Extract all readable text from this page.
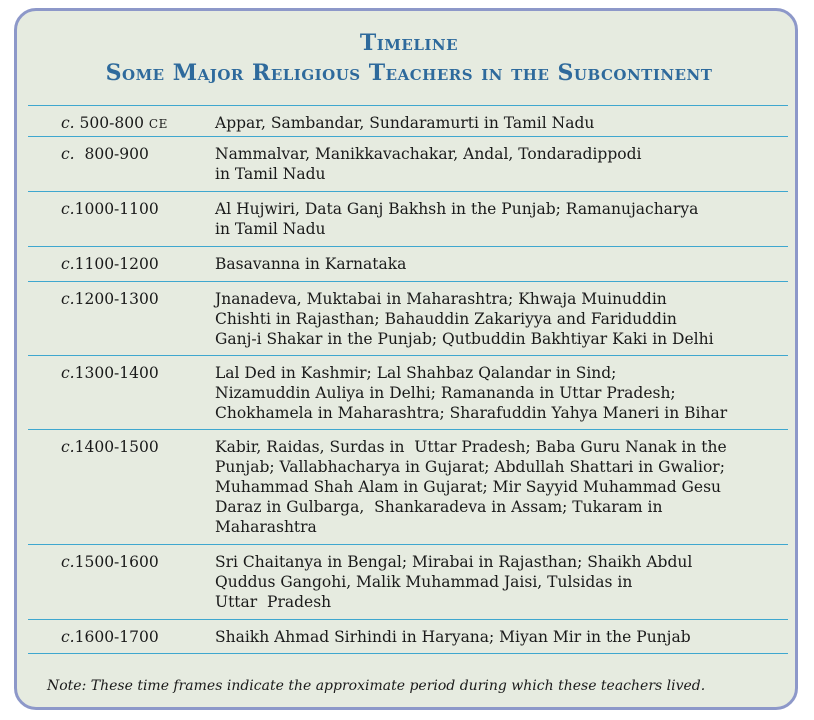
Timeline
Some Major Religious Teachers in the Subcontinent
c. 500-800 CE	Appar, Sambandar, Sundaramurti in Tamil Nadu
c.  800-900	Nammalvar, Manikkavachakar, Andal, Tondaradippodi
in Tamil Nadu
c.1000-1100	Al Hujwiri, Data Ganj Bakhsh in the Punjab; Ramanujacharya
in Tamil Nadu
c.1100-1200	Basavanna in Karnataka
c.1200-1300	Jnanadeva, Muktabai in Maharashtra; Khwaja Muinuddin
Chishti in Rajasthan; Bahauddin Zakariyya and Fariduddin
Ganj-i Shakar in the Punjab; Qutbuddin Bakhtiyar Kaki in Delhi
c.1300-1400	Lal Ded in Kashmir; Lal Shahbaz Qalandar in Sind;
Nizamuddin Auliya in Delhi; Ramananda in Uttar Pradesh;
Chokhamela in Maharashtra; Sharafuddin Yahya Maneri in Bihar
c.1400-1500	Kabir, Raidas, Surdas in  Uttar Pradesh; Baba Guru Nanak in the
Punjab; Vallabhacharya in Gujarat; Abdullah Shattari in Gwalior;
Muhammad Shah Alam in Gujarat; Mir Sayyid Muhammad Gesu
Daraz in Gulbarga,  Shankaradeva in Assam; Tukaram in
Maharashtra
c.1500-1600	Sri Chaitanya in Bengal; Mirabai in Rajasthan; Shaikh Abdul
Quddus Gangohi, Malik Muhammad Jaisi, Tulsidas in
Uttar  Pradesh
c.1600-1700	Shaikh Ahmad Sirhindi in Haryana; Miyan Mir in the Punjab
Note: These time frames indicate the approximate period during which these teachers lived.
